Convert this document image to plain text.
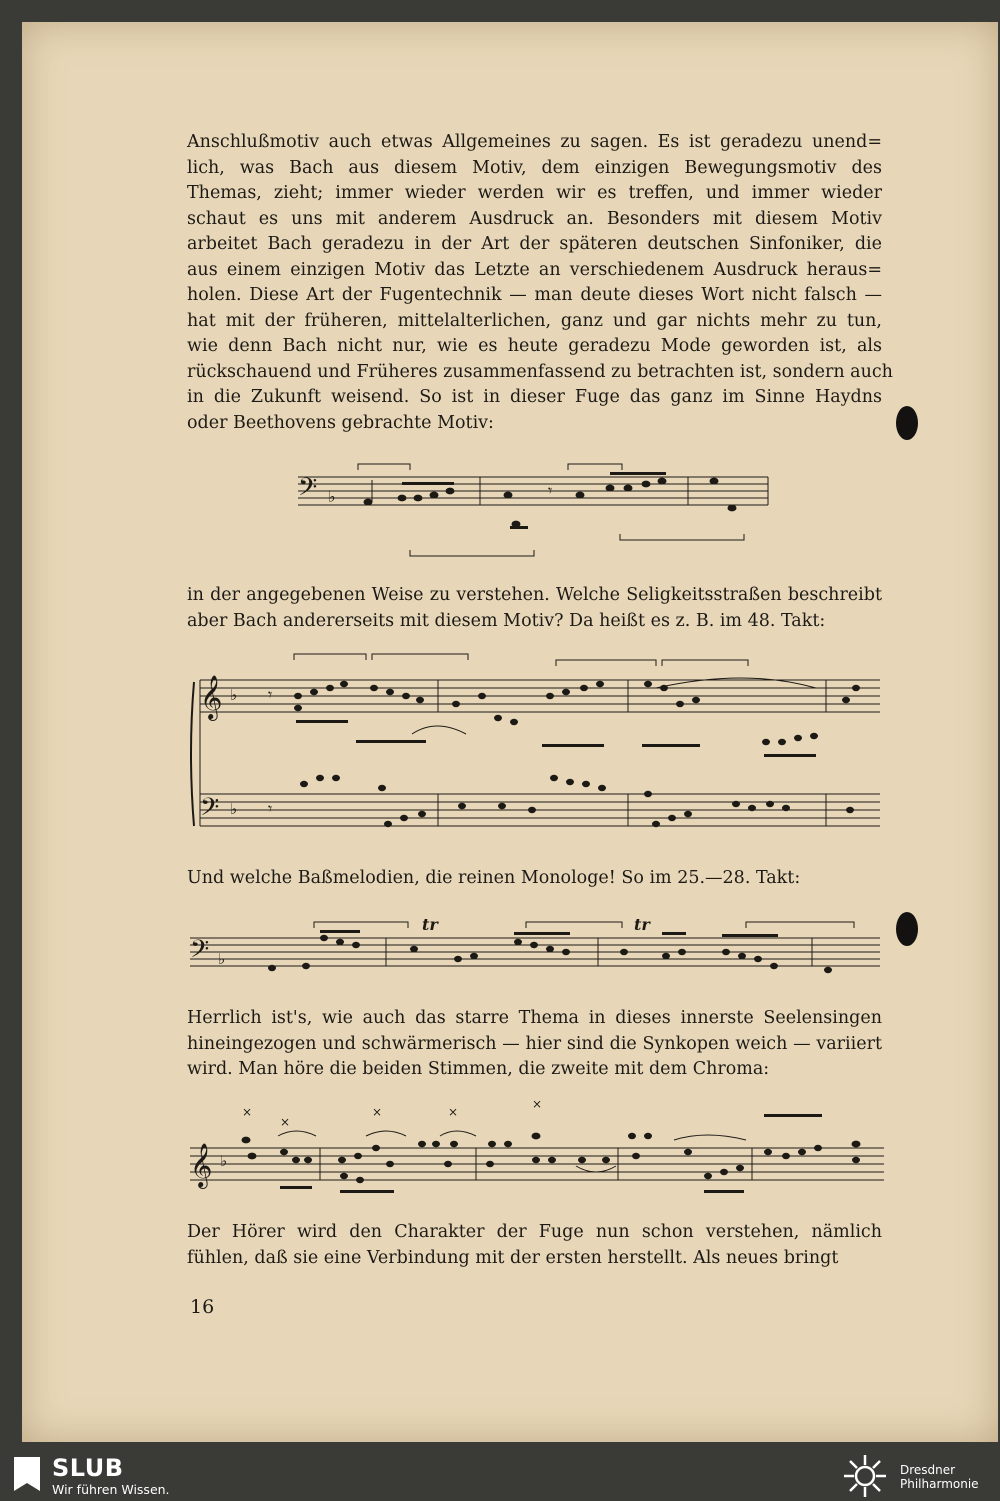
Anschlußmotiv auch etwas Allgemeines zu sagen. Es ist geradezu unend=
lich, was Bach aus diesem Motiv, dem einzigen Bewegungsmotiv des
Themas, zieht; immer wieder werden wir es treffen, und immer wieder
schaut es uns mit anderem Ausdruck an. Besonders mit diesem Motiv
arbeitet Bach geradezu in der Art der späteren deutschen Sinfoniker, die
aus einem einzigen Motiv das Letzte an verschiedenem Ausdruck heraus=
holen. Diese Art der Fugentechnik — man deute dieses Wort nicht falsch —
hat mit der früheren, mittelalterlichen, ganz und gar nichts mehr zu tun,
wie denn Bach nicht nur, wie es heute geradezu Mode geworden ist, als
rückschauend und Früheres zusammenfassend zu betrachten ist, sondern auch
in die Zukunft weisend. So ist in dieser Fuge das ganz im Sinne Haydns
oder Beethovens gebrachte Motiv:
𝄢 ♭	𝄾
in der angegebenen Weise zu verstehen. Welche Seligkeitsstraßen beschreibt
aber Bach andererseits mit diesem Motiv? Da heißt es z. B. im 48. Takt:
𝄞
𝄢
♭
♭
𝄾
𝄾
Und welche Baßmelodien, die reinen Monologe! So im 25.—28. Takt:
𝄢 ♭
tr	tr
Herrlich ist's, wie auch das starre Thema in dieses innerste Seelensingen
hineingezogen und schwärmerisch — hier sind die Synkopen weich — variiert
wird. Man höre die beiden Stimmen, die zweite mit dem Chroma:
𝄞 ♭
×
×
×	×
×
Der Hörer wird den Charakter der Fuge nun schon verstehen, nämlich
fühlen, daß sie eine Verbindung mit der ersten herstellt. Als neues bringt
16
SLUB
Wir führen Wissen.
Dresdner
Philharmonie
